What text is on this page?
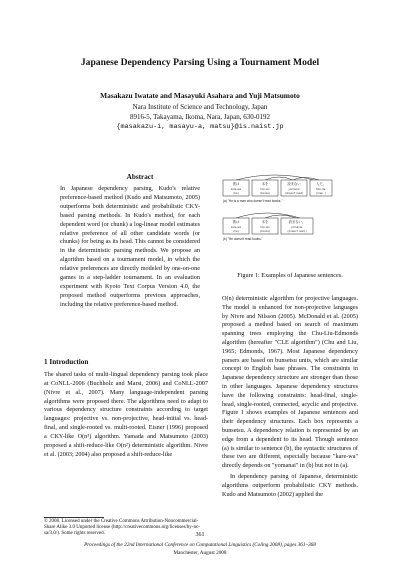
Japanese Dependency Parsing Using a Tournament Model
Masakazu Iwatate and Masayuki Asahara and Yuji Matsumoto
Nara Institute of Science and Technology, Japan
8916-5, Takayama, Ikoma, Nara, Japan, 630-0192
{masakazu-i, masayu-a, matsu}@is.naist.jp
Abstract
In Japanese dependency parsing, Kudo's relative preference-based method (Kudo and Matsumoto, 2005) outperforms both deterministic and probabilistic CKY-based parsing methods. In Kudo's method, for each dependent word (or chunk) a log-linear model estimates relative preference of all other candidate words (or chunks) for being as its head. This cannot be considered in the deterministic parsing methods. We propose an algorithm based on a tournament model, in which the relative preferences are directly modeled by one-on-one games in a step-ladder tournament. In an evaluation experiment with Kyoto Text Corpus Version 4.0, the proposed method outperforms previous approaches, including the relative preference-based method.
1 Introduction
The shared tasks of multi-lingual dependency parsing took place at CoNLL-2006 (Buchholz and Marsi, 2006) and CoNLL-2007 (Nivre et al., 2007). Many language-independent parsing algorithms were proposed there. The algorithms need to adapt to various dependency structure constraints according to target languages: projective vs. non-projective, head-initial vs. head-final, and single-rooted vs. multi-rooted. Eisner (1996) proposed a CKY-like O(n³) algorithm. Yamada and Matsumoto (2003) proposed a shift-reduce-like O(n²) deterministic algorithm. Nivre et al. (2003; 2004) also proposed a shift-reduce-like
© 2008. Licensed under the Creative Commons Attribution-Noncommercial-Share Alike 3.0 Unported license (http://creativecommons.org/licenses/by-nc-sa/3.0/). Some rights reserved.
彼は
kare-wa
(he)
本を
hon-wo
(books)
読まない
yomanai
(doesn't read)
人だ。
hito-da.
(man .)
(a) "He is a man who doesn't read books."
彼は
kare-wa
(he)
本を
hon-wo
(books)
読まない。
yomanai.
(doesn't read.)
(b) "He doesn't read books."
Figure 1: Examples of Japanese sentences.
O(n) deterministic algorithm for projective languages. The model is enhanced for non-projective languages by Nivre and Nilsson (2005). McDonald et al. (2005) proposed a method based on search of maximum spanning trees employing the Chu-Liu-Edmonds algorithm (hereafter "CLE algorithm") (Chu and Liu, 1965; Edmonds, 1967). Most Japanese dependency parsers are based on bunsetsu units, which are similar concept to English base phrases. The constraints in Japanese dependency structure are stronger than those in other languages. Japanese dependency structures have the following constraints: head-final, single-head, single-rooted, connected, acyclic and projective. Figure 1 shows examples of Japanese sentences and their dependency structures. Each box represents a bunsetsu. A dependency relation is represented by an edge from a dependent to its head. Though sentence (a) is similar to sentence (b), the syntactic structures of these two are different, especially because "kare-wa" directly depends on "yomanai" in (b) but not in (a).
In dependency parsing of Japanese, deterministic algorithms outperform probabilistic CKY methods. Kudo and Matsumoto (2002) applied the
361
Proceedings of the 22nd International Conference on Computational Linguistics (Coling 2008), pages 361–368
Manchester, August 2008
